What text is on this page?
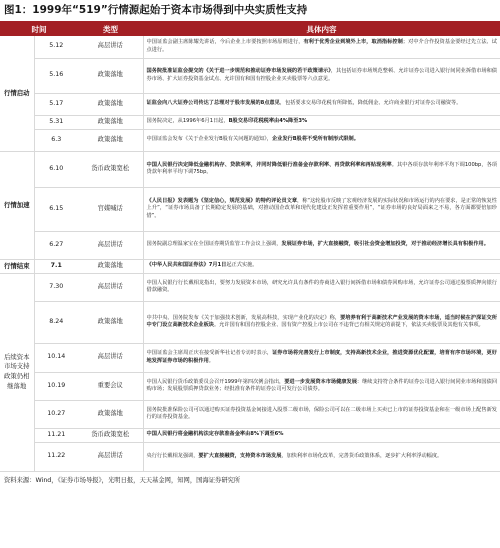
图1：1999年“519”行情源起始于资本市场得到中央实质性支持
时间		类型	具体内容
行情启动	5.12	高层讲话	中国证监会副主席陈耀先讲话，今后企业上市要按照市场原则进行，有利于优秀企业到境外上市，取消指标控制；对中介合作投资基金要经过先立法、试点进行。
	5.16	政策落地	国务院批准证监会提交的《关于进一步规范和推动证券市场发展的若干政策请示》，其包括证券市场规范整顿、允许证券公司进入银行间同业拆借市场和债券市场、扩大证券投资基金试点、允许国有和国有控股企业买卖股票等六点意见。
	5.17	政策落地	证监会向八大证券公司传达了总理对于股市发展的8点意见，包括要求交易印花税有所降低，降低佣金、允许商业银行对证券公司融资等。
	5.31	政策落地	国务院决定，从1996年6月1日起，B股交易印花税税率由4%降至3%
	6.3	政策落地	中国证监会发布《关于企业发行B股有关问题的通知》，企业发行B股将不受所有制形式限制。
行情加速	6.10	货币政策宽松	中国人民银行决定降低金融机构存、贷款利率，并同时降低银行准备金存款利率、再贷款利率和再贴现利率。其中各项存款年利率平均下调100bp，各项贷款年利率平均下调75bp。
	6.15	官媒喊话	《人民日报》发表题为《坚定信心，规范发展》的特约评论员文章，称“这轮股市反映了宏观经济发展的实际状况和市场运行的内在要求，是正常的恢复性上升”，“证券市场具备了长期稳定发展的基础，对推动国企改革和现代化建设正发挥着重要作用”，“证券市场的良好局面来之不易，各方面都要倍加珍惜”。
	6.27	高层讲话	国务院副总理温家宝在全国证券期货监管工作会议上强调，发展证券市场，扩大直接融资，吸引社会资金增加投资，对于推动经济增长具有积极作用。
行情结束	7.1	政策落地	《中华人民共和国证券法》7月1日起正式实施。
后续资本市场支持政策仍相继落地	7.30	高层讲话	中国人民银行行长戴相龙指出，要努力发展资本市场，研究允许具有条件的券商进入银行间拆借市场和债券回购市场，允许证券公司通过股票质押向银行借款融资。
	8.24	政策落地	中共中央、国务院发布《关于加强技术创新，发展高科技，实现产业化的决定》称，要培养有利于高新技术产业发展的资本市场，适当时候在沪深证交所中专门设立高新技术企业板块。允许国有和国有控股企业、国有资产控股上市公司在不违背已有相关规定的前提下，依法买卖股票及其他有关事项。
	10.14	高层讲话	中国证监会主席周正庆在接受新华社记者专访时表示，证券市场将完善发行上市制度，支持高新技术企业，推进资源优化配置，培育有序市场环境，更好地发挥证券市场的积极作用。
	10.19	重要会议	中国人民银行货币政策委员会召开1999年第四次例会指出，要进一步发展资本市场健康发展：继续支持符合条件的证券公司进入银行间同业市场和国债回购市场；发展股票质押贷款业务；经批准有条件的证券公司可发行公司债券。
	10.27	政策落地	国务院批准保险公司可以通过购买证券投资基金间接进入股票二级市场，保险公司可以在二级市场上买卖已上市的证券投资基金和在一级市场上配售新发行的证券投资基金。
	11.21	货币政策宽松	中国人民银行将金融机构法定存款准备金率由8%下调至6%
	11.22	高层讲话	央行行长戴相龙强调，要扩大直接融资，支持资本市场发展，加快利率市场化改革，完善货币政策体系，逐步扩大利率浮动幅度。
资料来源：Wind，《证券市场导报》，光明日报，天天基金网，知网，国海证券研究所
